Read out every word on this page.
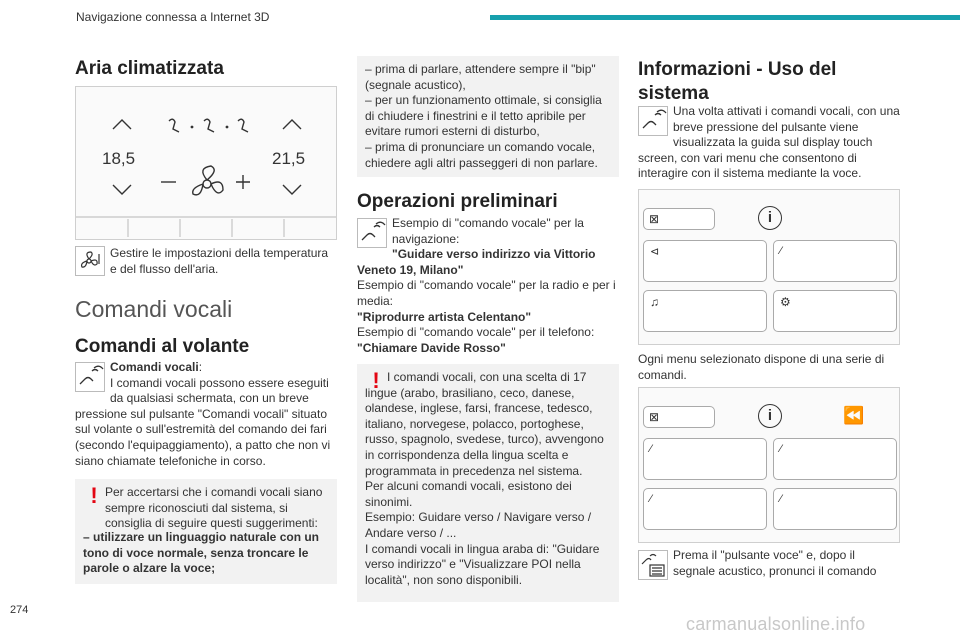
Navigazione connessa a Internet 3D
Aria climatizzata
18,5	21,5

Gestire le impostazioni della temperatura e del flusso dell'aria.

Comandi vocali
Comandi al volante

Comandi vocali:
I comandi vocali possono essere eseguiti da qualsiasi schermata, con un breve pressione sul pulsante "Comandi vocali" situato sul volante o sull'estremità del comando dei fari (secondo l'equipaggiamento), a patto che non vi siano chiamate telefoniche in corso.

! Per accertarsi che i comandi vocali siano sempre riconosciuti dal sistema, si consiglia di seguire questi suggerimenti:

– utilizzare un linguaggio naturale con un tono di voce normale, senza troncare le parole o alzare la voce;

– prima di parlare, attendere sempre il "bip" (segnale acustico),
– per un funzionamento ottimale, si consiglia di chiudere i finestrini e il tetto apribile per evitare rumori esterni di disturbo,
– prima di pronunciare un comando vocale, chiedere agli altri passeggeri di non parlare.

Operazioni preliminari

Esempio di "comando vocale" per la navigazione:

"Guidare verso indirizzo via Vittorio Veneto 19, Milano"

Esempio di "comando vocale" per la radio e per i media:

"Riprodurre artista Celentano"

Esempio di "comando vocale" per il telefono:

"Chiamare Davide Rosso"

! I comandi vocali, con una scelta di 17 lingue (arabo, brasiliano, ceco, danese, olandese, inglese, farsi, francese, tedesco, italiano, norvegese, polacco, portoghese, russo, spagnolo, svedese, turco), avvengono in corrispondenza della lingua scelta e programmata in precedenza nel sistema.
Per alcuni comandi vocali, esistono dei sinonimi.
Esempio: Guidare verso / Navigare verso / Andare verso / ...
I comandi vocali in lingua araba di: "Guidare verso indirizzo" e "Visualizzare POI nella località", non sono disponibili.

Informazioni - Uso del sistema

Una volta attivati i comandi vocali, con una breve pressione del pulsante viene visualizzata la guida sul display touch screen, con vari menu che consentono di interagire con il sistema mediante la voce.

⊠	i
⊲	⁄
♫	⚙

Ogni menu selezionato dispone di una serie di comandi.

⊠	i	⏪
⁄	⁄
⁄	⁄

Prema il "pulsante voce" e, dopo il segnale acustico, pronunci il comando

274
carmanualsonline.info
